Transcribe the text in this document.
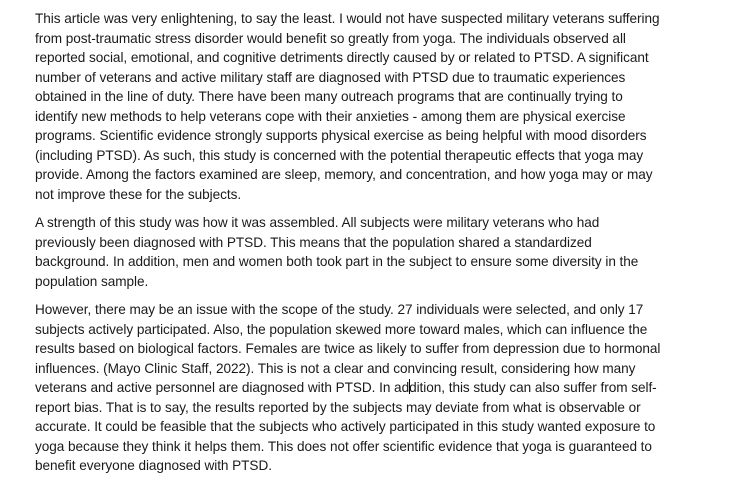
This article was very enlightening, to say the least. I would not have suspected military veterans suffering
from post-traumatic stress disorder would benefit so greatly from yoga. The individuals observed all
reported social, emotional, and cognitive detriments directly caused by or related to PTSD. A significant
number of veterans and active military staff are diagnosed with PTSD due to traumatic experiences
obtained in the line of duty. There have been many outreach programs that are continually trying to
identify new methods to help veterans cope with their anxieties - among them are physical exercise
programs. Scientific evidence strongly supports physical exercise as being helpful with mood disorders
(including PTSD). As such, this study is concerned with the potential therapeutic effects that yoga may
provide. Among the factors examined are sleep, memory, and concentration, and how yoga may or may
not improve these for the subjects.

A strength of this study was how it was assembled. All subjects were military veterans who had
previously been diagnosed with PTSD. This means that the population shared a standardized
background. In addition, men and women both took part in the subject to ensure some diversity in the
population sample.

However, there may be an issue with the scope of the study. 27 individuals were selected, and only 17
subjects actively participated. Also, the population skewed more toward males, which can influence the
results based on biological factors. Females are twice as likely to suffer from depression due to hormonal
influences. (Mayo Clinic Staff, 2022). This is not a clear and convincing result, considering how many
veterans and active personnel are diagnosed with PTSD. In addition, this study can also suffer from self-
report bias. That is to say, the results reported by the subjects may deviate from what is observable or
accurate. It could be feasible that the subjects who actively participated in this study wanted exposure to
yoga because they think it helps them. This does not offer scientific evidence that yoga is guaranteed to
benefit everyone diagnosed with PTSD.
